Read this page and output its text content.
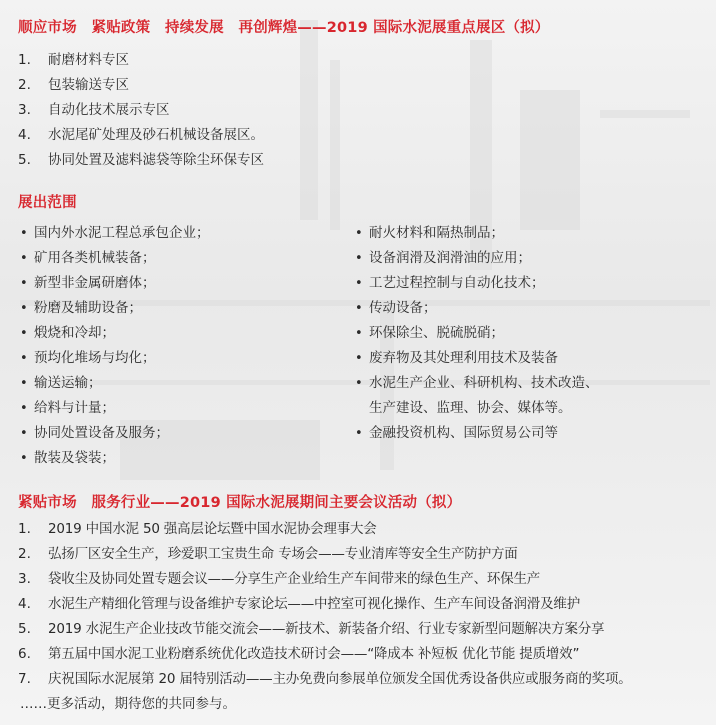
顺应市场　紧贴政策　持续发展　再创辉煌——2019 国际水泥展重点展区（拟）
1.	耐磨材料专区
2.	包装输送专区
3.	自动化技术展示专区
4.	水泥尾矿处理及砂石机械设备展区。
5.	协同处置及滤料滤袋等除尘环保专区
展出范围
• 国内外水泥工程总承包企业；
• 矿用各类机械装备；
• 新型非金属研磨体；
• 粉磨及辅助设备；
• 煅烧和冷却；
• 预均化堆场与均化；
• 输送运输；
• 给料与计量；
• 协同处置设备及服务；
• 散装及袋装；
• 耐火材料和隔热制品；
• 设备润滑及润滑油的应用；
• 工艺过程控制与自动化技术；
• 传动设备；
• 环保除尘、脱硫脱硝；
• 废弃物及其处理利用技术及装备
• 水泥生产企业、科研机构、技术改造、
生产建设、监理、协会、媒体等。
• 金融投资机构、国际贸易公司等
紧贴市场　服务行业——2019 国际水泥展期间主要会议活动（拟）
1.	2019 中国水泥 50 强高层论坛暨中国水泥协会理事大会
2.	弘扬厂区安全生产，珍爱职工宝贵生命 专场会——专业清库等安全生产防护方面
3.	袋收尘及协同处置专题会议——分享生产企业给生产车间带来的绿色生产、环保生产
4.	水泥生产精细化管理与设备维护专家论坛——中控室可视化操作、生产车间设备润滑及维护
5.	2019 水泥生产企业技改节能交流会——新技术、新装备介绍、行业专家新型问题解决方案分享
6.	第五届中国水泥工业粉磨系统优化改造技术研讨会——“降成本 补短板 优化节能 提质增效”
7.	庆祝国际水泥展第 20 届特别活动——主办免费向参展单位颁发全国优秀设备供应或服务商的奖项。
……更多活动，期待您的共同参与。
